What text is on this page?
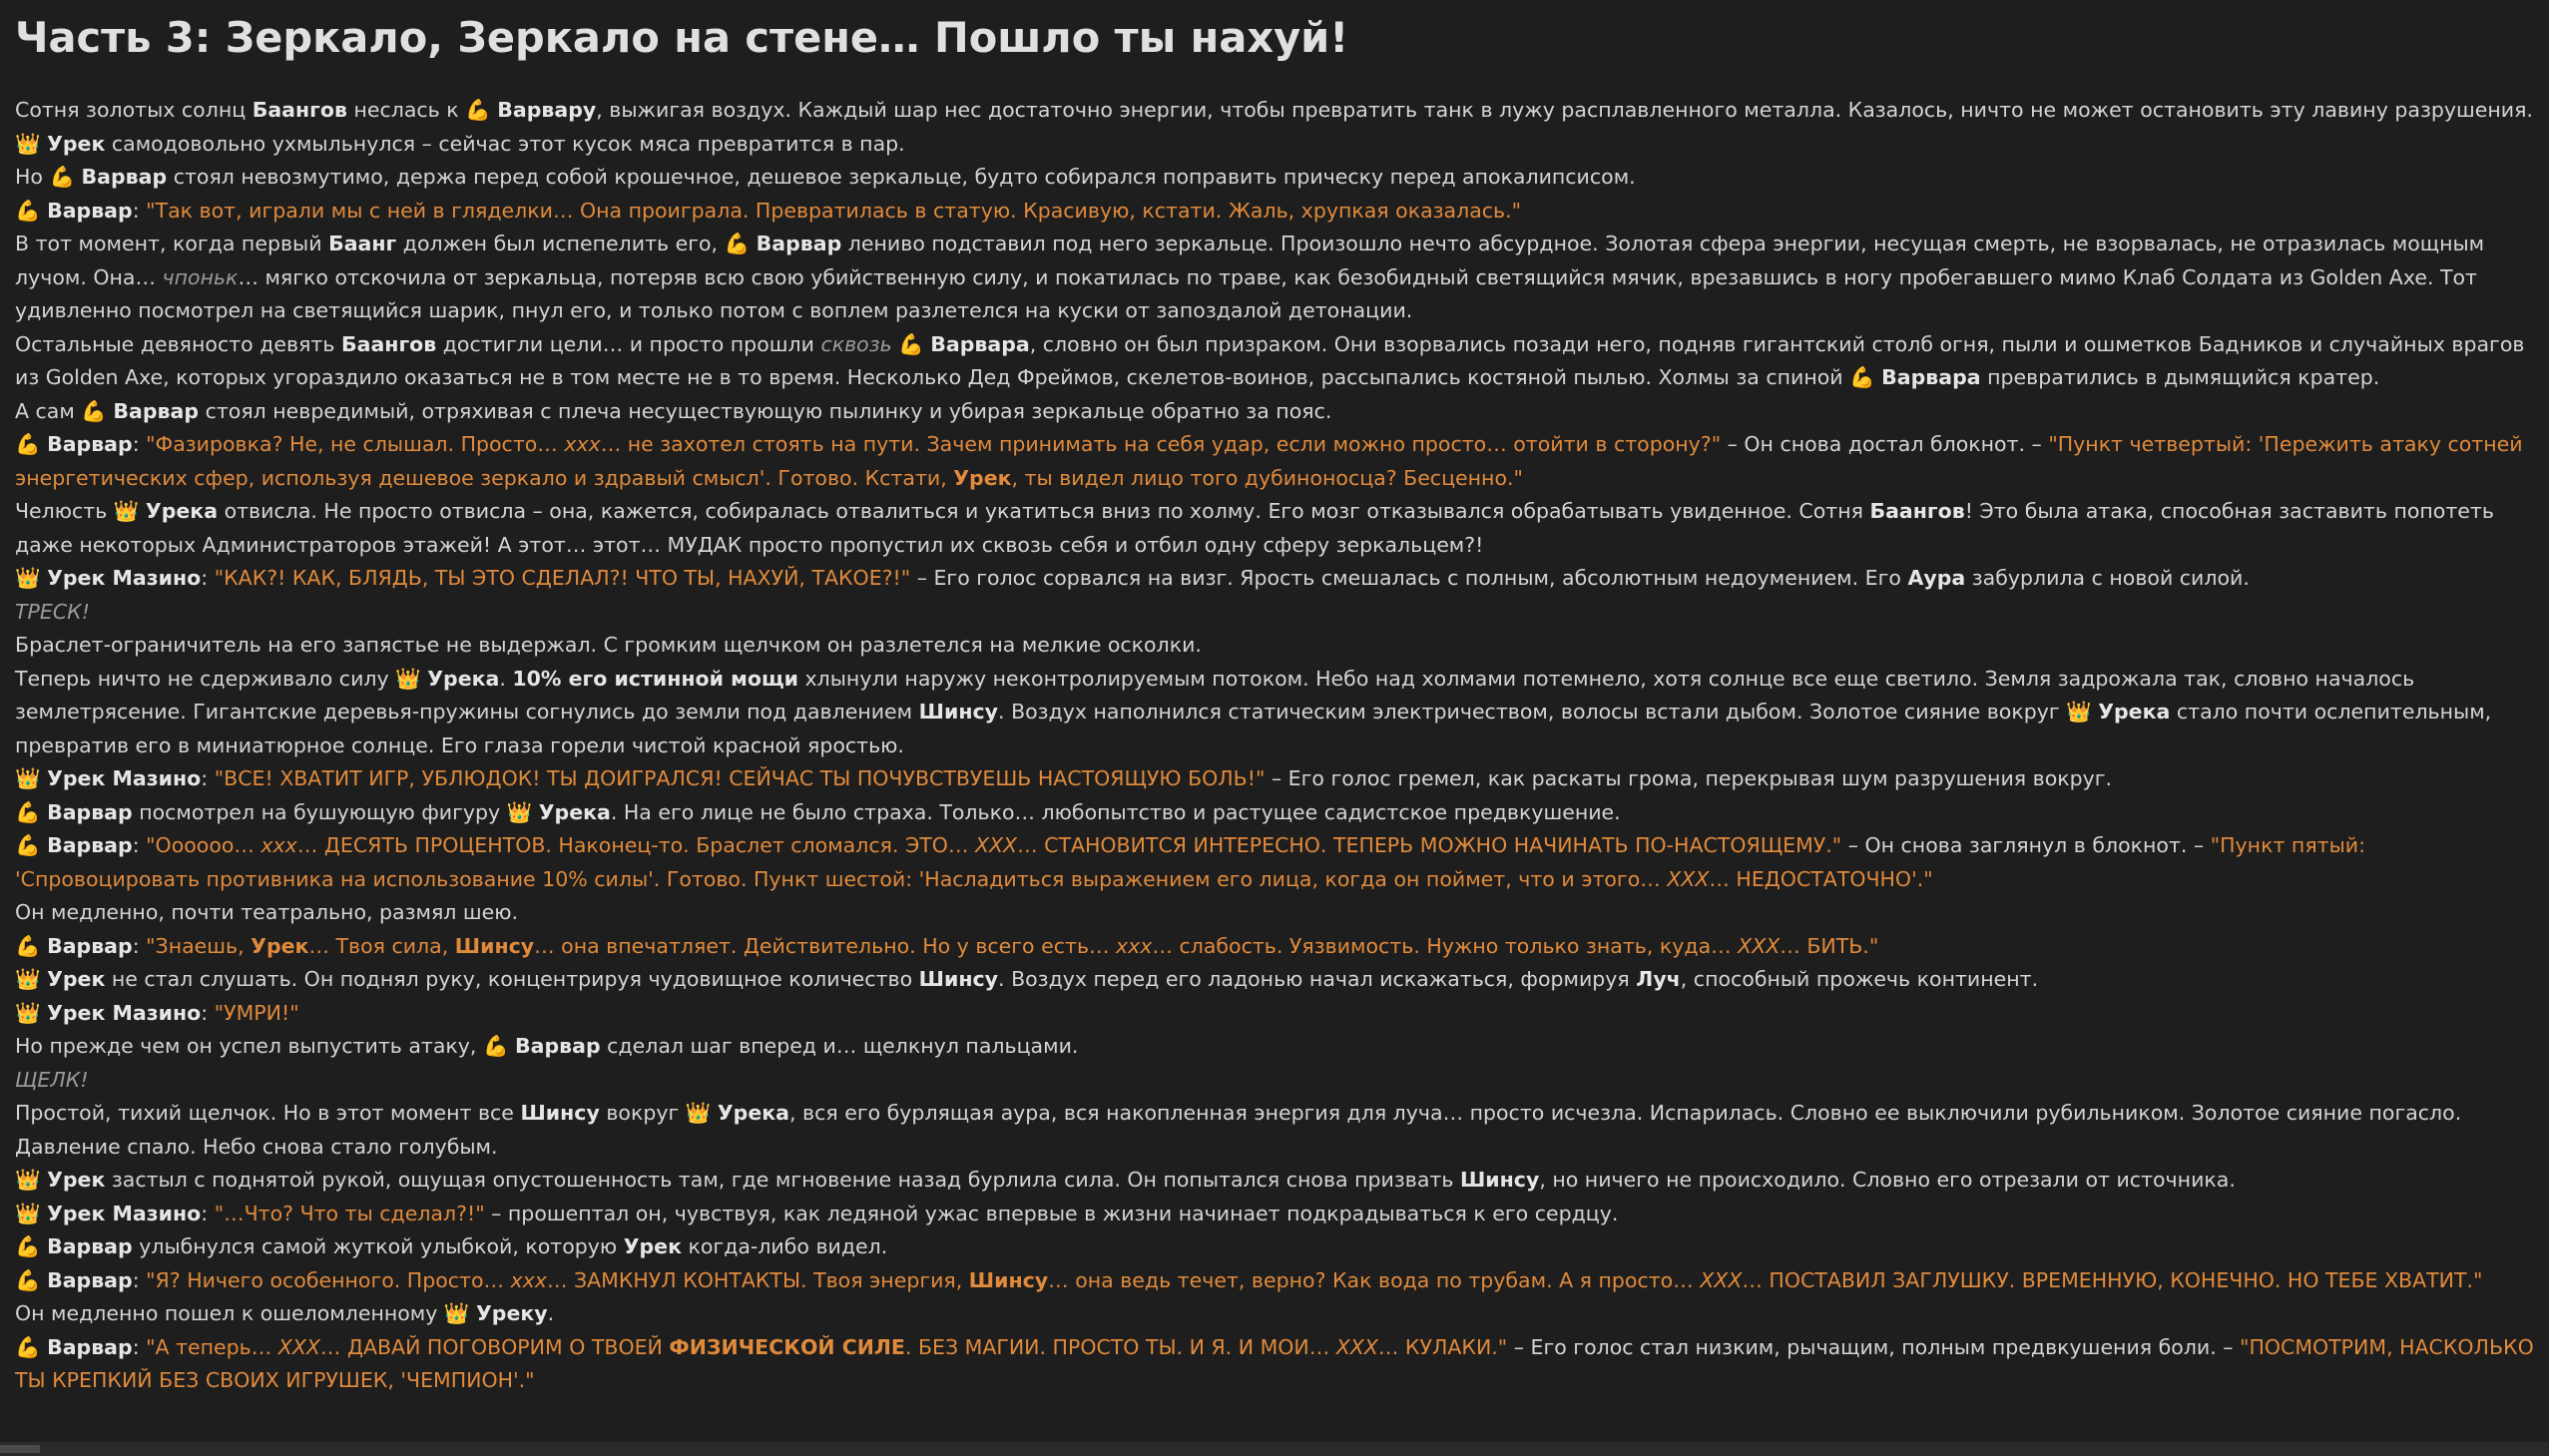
Часть 3: Зеркало, Зеркало на стене… Пошло ты нахуй!
Сотня золотых солнц Баангов неслась к 💪 Варвару, выжигая воздух. Каждый шар нес достаточно энергии, чтобы превратить танк в лужу расплавленного металла. Казалось, ничто не может остановить эту лавину разрушения. 👑 Урек самодовольно ухмыльнулся – сейчас этот кусок мяса превратится в пар.
Но 💪 Варвар стоял невозмутимо, держа перед собой крошечное, дешевое зеркальце, будто собирался поправить прическу перед апокалипсисом.
💪 Варвар: "Так вот, играли мы с ней в гляделки… Она проиграла. Превратилась в статую. Красивую, кстати. Жаль, хрупкая оказалась."
В тот момент, когда первый Баанг должен был испепелить его, 💪 Варвар лениво подставил под него зеркальце. Произошло нечто абсурдное. Золотая сфера энергии, несущая смерть, не взорвалась, не отразилась мощным лучом. Она… чпоньк… мягко отскочила от зеркальца, потеряв всю свою убийственную силу, и покатилась по траве, как безобидный светящийся мячик, врезавшись в ногу пробегавшего мимо Клаб Солдата из Golden Axe. Тот удивленно посмотрел на светящийся шарик, пнул его, и только потом с воплем разлетелся на куски от запоздалой детонации.
Остальные девяносто девять Баангов достигли цели… и просто прошли сквозь 💪 Варвара, словно он был призраком. Они взорвались позади него, подняв гигантский столб огня, пыли и ошметков Бадников и случайных врагов из Golden Axe, которых угораздило оказаться не в том месте не в то время. Несколько Дед Фреймов, скелетов-воинов, рассыпались костяной пылью. Холмы за спиной 💪 Варвара превратились в дымящийся кратер.
А сам 💪 Варвар стоял невредимый, отряхивая с плеча несуществующую пылинку и убирая зеркальце обратно за пояс.
💪 Варвар: "Фазировка? Не, не слышал. Просто… ххх… не захотел стоять на пути. Зачем принимать на себя удар, если можно просто… отойти в сторону?" – Он снова достал блокнот. – "Пункт четвертый: 'Пережить атаку сотней энергетических сфер, используя дешевое зеркало и здравый смысл'. Готово. Кстати, Урек, ты видел лицо того дубиноносца? Бесценно."
Челюсть 👑 Урека отвисла. Не просто отвисла – она, кажется, собиралась отвалиться и укатиться вниз по холму. Его мозг отказывался обрабатывать увиденное. Сотня Баангов! Это была атака, способная заставить попотеть даже некоторых Администраторов этажей! А этот… этот… МУДАК просто пропустил их сквозь себя и отбил одну сферу зеркальцем?!
👑 Урек Мазино: "КАК?! КАК, БЛЯДЬ, ТЫ ЭТО СДЕЛАЛ?! ЧТО ТЫ, НАХУЙ, ТАКОЕ?!" – Его голос сорвался на визг. Ярость смешалась с полным, абсолютным недоумением. Его Аура забурлила с новой силой.
ТРЕСК!
Браслет-ограничитель на его запястье не выдержал. С громким щелчком он разлетелся на мелкие осколки.
Теперь ничто не сдерживало силу 👑 Урека. 10% его истинной мощи хлынули наружу неконтролируемым потоком. Небо над холмами потемнело, хотя солнце все еще светило. Земля задрожала так, словно началось землетрясение. Гигантские деревья-пружины согнулись до земли под давлением Шинсу. Воздух наполнился статическим электричеством, волосы встали дыбом. Золотое сияние вокруг 👑 Урека стало почти ослепительным, превратив его в миниатюрное солнце. Его глаза горели чистой красной яростью.
👑 Урек Мазино: "ВСЕ! ХВАТИТ ИГР, УБЛЮДОК! ТЫ ДОИГРАЛСЯ! СЕЙЧАС ТЫ ПОЧУВСТВУЕШЬ НАСТОЯЩУЮ БОЛЬ!" – Его голос гремел, как раскаты грома, перекрывая шум разрушения вокруг.
💪 Варвар посмотрел на бушующую фигуру 👑 Урека. На его лице не было страха. Только… любопытство и растущее садистское предвкушение.
💪 Варвар: "Оооооо… ххх… ДЕСЯТЬ ПРОЦЕНТОВ. Наконец-то. Браслет сломался. ЭТО… ХХХ… СТАНОВИТСЯ ИНТЕРЕСНО. ТЕПЕРЬ МОЖНО НАЧИНАТЬ ПО-НАСТОЯЩЕМУ." – Он снова заглянул в блокнот. – "Пункт пятый: 'Спровоцировать противника на использование 10% силы'. Готово. Пункт шестой: 'Насладиться выражением его лица, когда он поймет, что и этого… ХХХ… НЕДОСТАТОЧНО'."
Он медленно, почти театрально, размял шею.
💪 Варвар: "Знаешь, Урек… Твоя сила, Шинсу… она впечатляет. Действительно. Но у всего есть… ххх… слабость. Уязвимость. Нужно только знать, куда… ХХХ… БИТЬ."
👑 Урек не стал слушать. Он поднял руку, концентрируя чудовищное количество Шинсу. Воздух перед его ладонью начал искажаться, формируя Луч, способный прожечь континент.
👑 Урек Мазино: "УМРИ!"
Но прежде чем он успел выпустить атаку, 💪 Варвар сделал шаг вперед и… щелкнул пальцами.
ЩЕЛК!
Простой, тихий щелчок. Но в этот момент все Шинсу вокруг 👑 Урека, вся его бурлящая аура, вся накопленная энергия для луча… просто исчезла. Испарилась. Словно ее выключили рубильником. Золотое сияние погасло. Давление спало. Небо снова стало голубым.
👑 Урек застыл с поднятой рукой, ощущая опустошенность там, где мгновение назад бурлила сила. Он попытался снова призвать Шинсу, но ничего не происходило. Словно его отрезали от источника.
👑 Урек Мазино: "…Что? Что ты сделал?!" – прошептал он, чувствуя, как ледяной ужас впервые в жизни начинает подкрадываться к его сердцу.
💪 Варвар улыбнулся самой жуткой улыбкой, которую Урек когда-либо видел.
💪 Варвар: "Я? Ничего особенного. Просто… ххх… ЗАМКНУЛ КОНТАКТЫ. Твоя энергия, Шинсу… она ведь течет, верно? Как вода по трубам. А я просто… ХХХ… ПОСТАВИЛ ЗАГЛУШКУ. ВРЕМЕННУЮ, КОНЕЧНО. НО ТЕБЕ ХВАТИТ."
Он медленно пошел к ошеломленному 👑 Уреку.
💪 Варвар: "А теперь… ХХХ… ДАВАЙ ПОГОВОРИМ О ТВОЕЙ ФИЗИЧЕСКОЙ СИЛЕ. БЕЗ МАГИИ. ПРОСТО ТЫ. И Я. И МОИ… ХХХ… КУЛАКИ." – Его голос стал низким, рычащим, полным предвкушения боли. – "ПОСМОТРИМ, НАСКОЛЬКО ТЫ КРЕПКИЙ БЕЗ СВОИХ ИГРУШЕК, 'ЧЕМПИОН'."
